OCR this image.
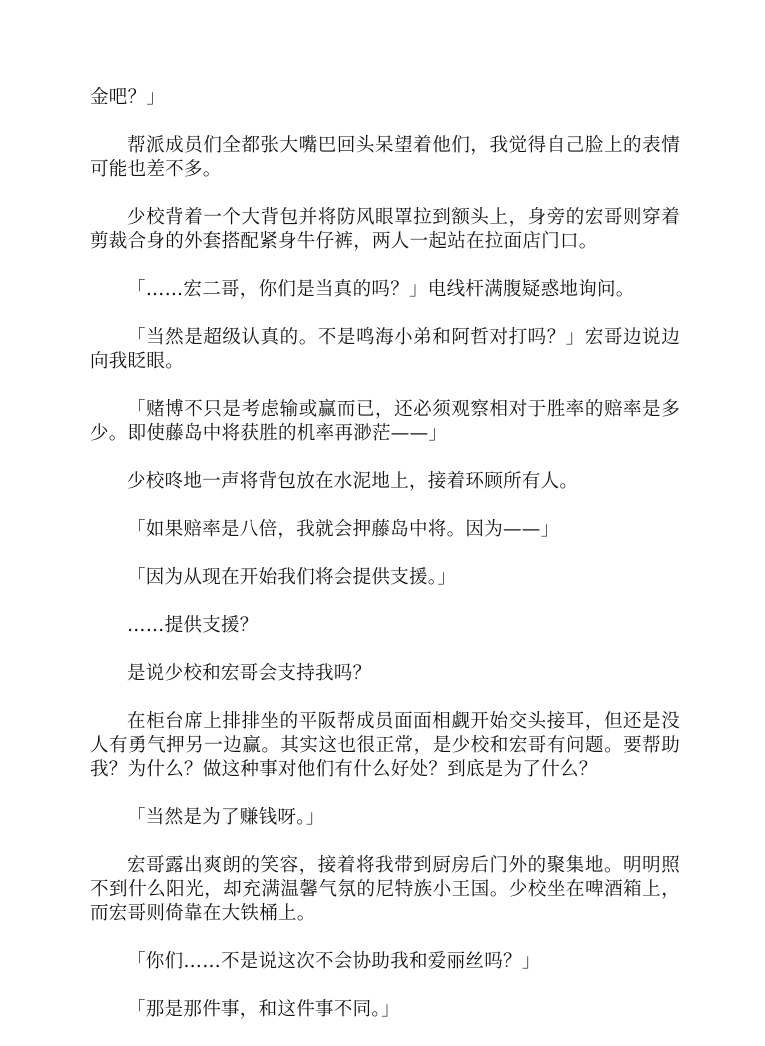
金吧？」

帮派成员们全都张大嘴巴回头呆望着他们，我觉得自己脸上的表情可能也差不多。

少校背着一个大背包并将防风眼罩拉到额头上，身旁的宏哥则穿着剪裁合身的外套搭配紧身牛仔裤，两人一起站在拉面店门口。

「……宏二哥，你们是当真的吗？」电线杆满腹疑惑地询问。

「当然是超级认真的。不是鸣海小弟和阿哲对打吗？」宏哥边说边向我眨眼。

「赌博不只是考虑输或赢而已，还必须观察相对于胜率的赔率是多少。即使藤岛中将获胜的机率再渺茫——」

少校咚地一声将背包放在水泥地上，接着环顾所有人。

「如果赔率是八倍，我就会押藤岛中将。因为——」

「因为从现在开始我们将会提供支援。」

……提供支援？

是说少校和宏哥会支持我吗？

在柜台席上排排坐的平阪帮成员面面相觑开始交头接耳，但还是没人有勇气押另一边赢。其实这也很正常，是少校和宏哥有问题。要帮助我？为什么？做这种事对他们有什么好处？到底是为了什么？

「当然是为了赚钱呀。」

宏哥露出爽朗的笑容，接着将我带到厨房后门外的聚集地。明明照不到什么阳光，却充满温馨气氛的尼特族小王国。少校坐在啤酒箱上，而宏哥则倚靠在大铁桶上。

「你们……不是说这次不会协助我和爱丽丝吗？」

「那是那件事，和这件事不同。」
